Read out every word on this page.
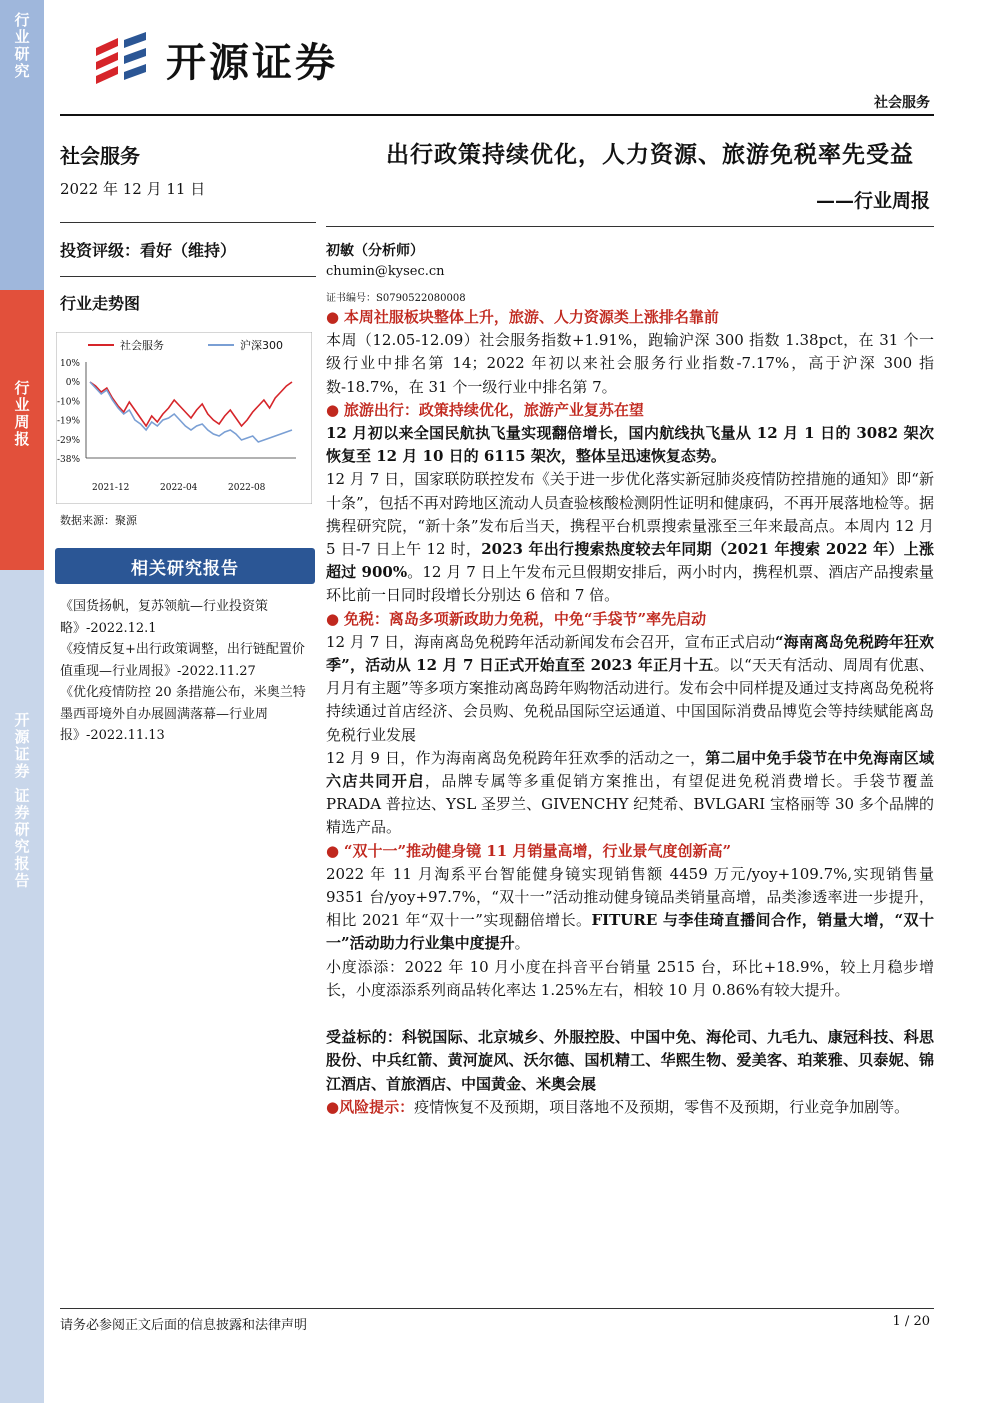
行业研究
行业周报
开源证券 证券研究报告
开源证券
社会服务
社会服务
2022 年 12 月 11 日
投资评级：看好（维持）
行业走势图
社会服务	沪深300
10%
0%
-10%
-19%
-29%
-38%
2021-12	2022-04	2022-08
数据来源：聚源
相关研究报告

《国货扬帆，复苏领航—行业投资策略》-2022.12.1

《疫情反复+出行政策调整，出行链配置价值重现—行业周报》-2022.11.27

《优化疫情防控 20 条措施公布，米奥兰特墨西哥境外自办展圆满落幕—行业周报》-2022.11.13

出行政策持续优化，人力资源、旅游免税率先受益
——行业周报
初敏（分析师）
chumin@kysec.cn
证书编号：S0790522080008

● 本周社服板块整体上升，旅游、人力资源类上涨排名靠前

本周（12.05-12.09）社会服务指数+1.91%，跑输沪深 300 指数 1.38pct，在 31 个一级行业中排名第 14；2022 年初以来社会服务行业指数-7.17%，高于沪深 300 指数-18.7%，在 31 个一级行业中排名第 7。

● 旅游出行：政策持续优化，旅游产业复苏在望

12 月初以来全国民航执飞量实现翻倍增长，国内航线执飞量从 12 月 1 日的 3082 架次恢复至 12 月 10 日的 6115 架次，整体呈迅速恢复态势。

12 月 7 日，国家联防联控发布《关于进一步优化落实新冠肺炎疫情防控措施的通知》即“新十条”，包括不再对跨地区流动人员查验核酸检测阴性证明和健康码，不再开展落地检等。据携程研究院，“新十条”发布后当天，携程平台机票搜索量涨至三年来最高点。本周内 12 月 5 日-7 日上午 12 时，2023 年出行搜索热度较去年同期（2021 年搜索 2022 年）上涨超过 900%。12 月 7 日上午发布元旦假期安排后，两小时内，携程机票、酒店产品搜索量环比前一日同时段增长分别达 6 倍和 7 倍。

● 免税：离岛多项新政助力免税，中免“手袋节”率先启动

12 月 7 日，海南离岛免税跨年活动新闻发布会召开，宣布正式启动“海南离岛免税跨年狂欢季”，活动从 12 月 7 日正式开始直至 2023 年正月十五。以“天天有活动、周周有优惠、月月有主题”等多项方案推动离岛跨年购物活动进行。发布会中同样提及通过支持离岛免税将持续通过首店经济、会员购、免税品国际空运通道、中国国际消费品博览会等持续赋能离岛免税行业发展

12 月 9 日，作为海南离岛免税跨年狂欢季的活动之一，第二届中免手袋节在中免海南区域六店共同开启，品牌专属等多重促销方案推出，有望促进免税消费增长。手袋节覆盖 PRADA 普拉达、YSL 圣罗兰、GIVENCHY 纪梵希、BVLGARI 宝格丽等 30 多个品牌的精选产品。

● “双十一”推动健身镜 11 月销量高增，行业景气度创新高”

2022 年 11 月淘系平台智能健身镜实现销售额 4459 万元/yoy+109.7%,实现销售量 9351 台/yoy+97.7%，“双十一”活动推动健身镜品类销量高增，品类渗透率进一步提升，相比 2021 年“双十一”实现翻倍增长。FITURE 与李佳琦直播间合作，销量大增，“双十一”活动助力行业集中度提升。

小度添添：2022 年 10 月小度在抖音平台销量 2515 台，环比+18.9%，较上月稳步增长，小度添添系列商品转化率达 1.25%左右，相较 10 月 0.86%有较大提升。

受益标的：科锐国际、北京城乡、外服控股、中国中免、海伦司、九毛九、康冠科技、科思股份、中兵红箭、黄河旋风、沃尔德、国机精工、华熙生物、爱美客、珀莱雅、贝泰妮、锦江酒店、首旅酒店、中国黄金、米奥会展

●风险提示：疫情恢复不及预期，项目落地不及预期，零售不及预期，行业竞争加剧等。

请务必参阅正文后面的信息披露和法律声明	1 / 20
